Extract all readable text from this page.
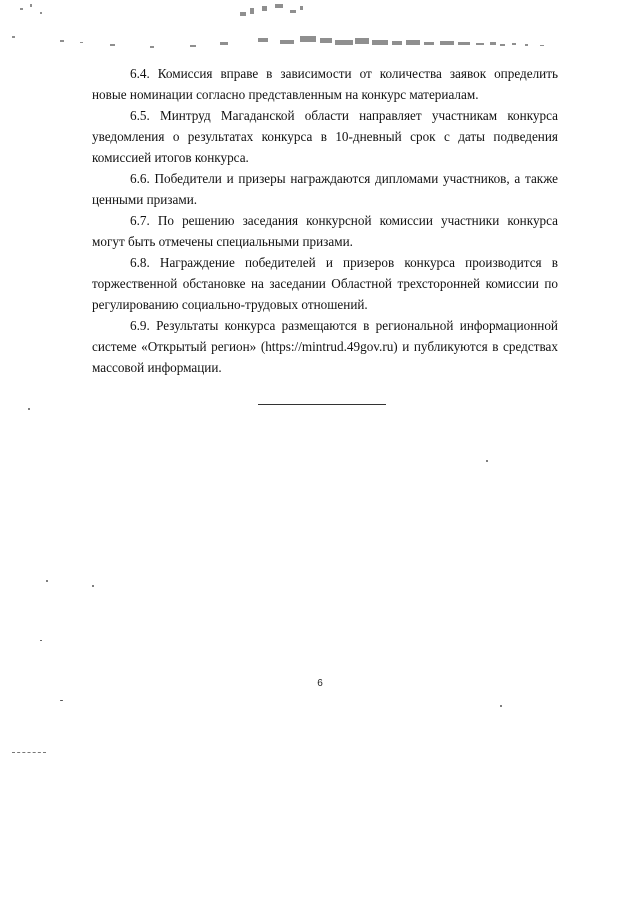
6.4. Комиссия вправе в зависимости от количества заявок определить новые номинации согласно представленным на конкурс материалам.

6.5. Минтруд Магаданской области направляет участникам конкурса уведомления о результатах конкурса в 10-дневный срок с даты подведения комиссией итогов конкурса.

6.6. Победители и призеры награждаются дипломами участников, а также ценными призами.

6.7. По решению заседания конкурсной комиссии участники конкурса могут быть отмечены специальными призами.

6.8. Награждение победителей и призеров конкурса производится в торжественной обстановке на заседании Областной трехсторонней комиссии по регулированию социально-трудовых отношений.

6.9. Результаты конкурса размещаются в региональной информационной системе «Открытый регион» (https://mintrud.49gov.ru) и публикуются в средствах массовой информации.

6
